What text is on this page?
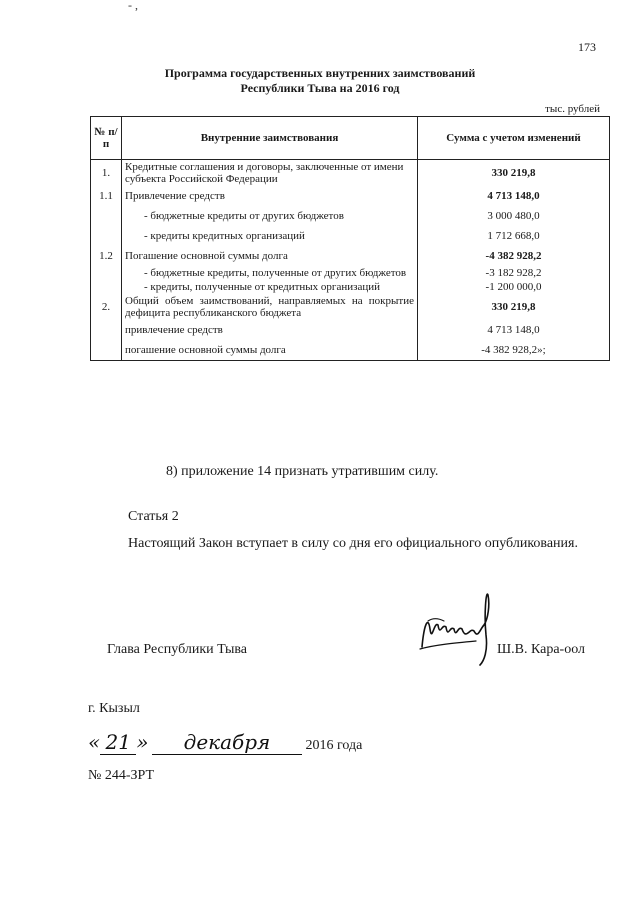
- ,
173
Программа государственных внутренних заимствований
Республики Тыва на 2016 год
тыс. рублей
№ п/п	Внутренние заимствования	Сумма с учетом изменений
1.	Кредитные соглашения и договоры, заключенные от имени субъекта Российской Федерации	330 219,8
1.1	Привлечение средств	4 713 148,0
	- бюджетные кредиты от других бюджетов	3 000 480,0
	- кредиты кредитных организаций	1 712 668,0
1.2	Погашение основной суммы долга	-4 382 928,2
	- бюджетные кредиты, полученные от других бюджетов	-3 182 928,2
	- кредиты, полученные от кредитных организаций	-1 200 000,0
2.	Общий объем заимствований, направляемых на покрытие дефицита республиканского бюджета	330 219,8
	привлечение средств	4 713 148,0
	погашение основной суммы долга	-4 382 928,2»;
8) приложение 14 признать утратившим силу.
Статья 2
Настоящий Закон вступает в силу со дня его официального опубликования.
Глава Республики Тыва	Ш.В. Кара-оол
г. Кызыл
« 21 » декабря	2016 года
№ 244-ЗРТ
